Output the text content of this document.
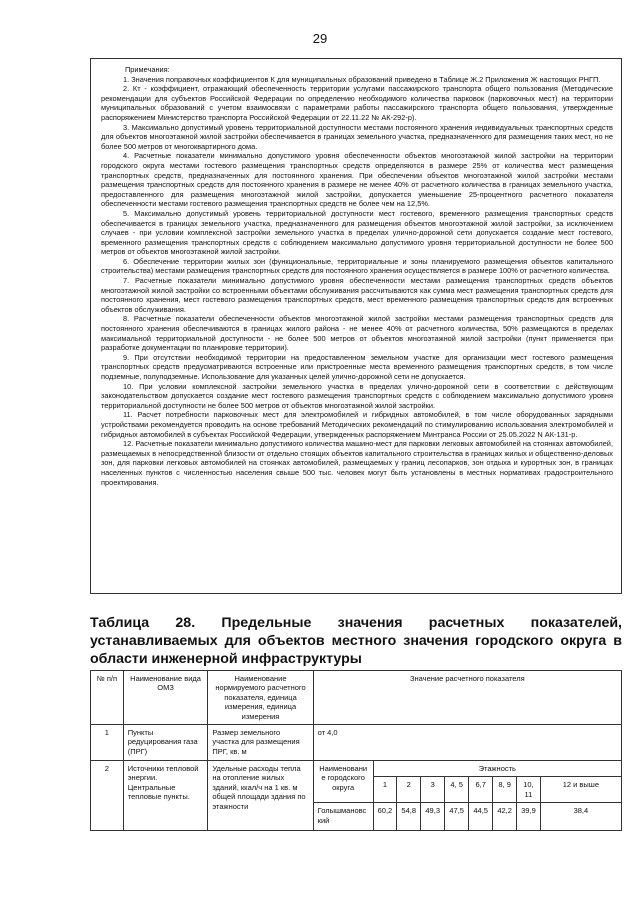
29
Примечания:

1. Значения поправочных коэффициентов К для муниципальных образований приведено в Таблице Ж.2 Приложения Ж настоящих РНГП.

2. Кт - коэффициент, отражающий обеспеченность территории услугами пассажирского транспорта общего пользования (Методические рекомендации для субъектов Российской Федерации по определению необходимого количества парковок (парковочных мест) на территории муниципальных образований с учетом взаимосвязи с параметрами работы пассажирского транспорта общего пользования, утвержденные распоряжением Министерство транспорта Российской Федерации от 22.11.22 № АК-292-р).

3. Максимально допустимый уровень территориальной доступности местами постоянного хранения индивидуальных транспортных средств для объектов многоэтажной жилой застройки обеспечивается в границах земельного участка, предназначенного для размещения таких мест, но не более 500 метров от многоквартирного дома.

4. Расчетные показатели минимально допустимого уровня обеспеченности объектов многоэтажной жилой застройки на территории городского округа местами гостевого размещения транспортных средств определяются в размере 25% от количества мест размещения транспортных средств, предназначенных для постоянного хранения. При обеспечении объектов многоэтажной жилой застройки местами размещения транспортных средств для постоянного хранения в размере не менее 40% от расчетного количества в границах земельного участка, предоставленного для размещения многоэтажной жилой застройки, допускается уменьшение 25-процентного расчетного показателя обеспеченности местами гостевого размещения транспортных средств не более чем на 12,5%.

5. Максимально допустимый уровень территориальной доступности мест гостевого, временного размещения транспортных средств обеспечивается в границах земельного участка, предназначенного для размещения объектов многоэтажной жилой застройки, за исключением случаев - при условии комплексной застройки земельного участка в пределах улично-дорожной сети допускается создание мест гостевого, временного размещения транспортных средств с соблюдением максимально допустимого уровня территориальной доступности не более 500 метров от объектов многоэтажной жилой застройки.

6. Обеспечение территории жилых зон (функциональные, территориальные и зоны планируемого размещения объектов капитального строительства) местами размещения транспортных средств для постоянного хранения осуществляется в размере 100% от расчетного количества.

7. Расчетные показатели минимально допустимого уровня обеспеченности местами размещения транспортных средств объектов многоэтажной жилой застройки со встроенными объектами обслуживания рассчитываются как сумма мест размещения транспортных средств для постоянного хранения, мест гостевого размещения транспортных средств, мест временного размещения транспортных средств для встроенных объектов обслуживания.

8. Расчетные показатели обеспеченности объектов многоэтажной жилой застройки местами размещения транспортных средств для постоянного хранения обеспечиваются в границах жилого района - не менее 40% от расчетного количества, 50% размещаются в пределах максимальной территориальной доступности - не более 500 метров от объектов многоэтажной жилой застройки (пункт применяется при разработке документации по планировке территории).

9. При отсутствии необходимой территории на предоставленном земельном участке для организации мест гостевого размещения транспортных средств предусматриваются встроенные или пристроенные места временного размещения транспортных средств, в том числе подземные, полуподземные. Использование для указанных целей улично-дорожной сети не допускается.

10. При условии комплексной застройки земельного участка в пределах улично-дорожной сети в соответствии с действующим законодательством допускается создание мест гостевого размещения транспортных средств с соблюдением максимально допустимого уровня территориальной доступности не более 500 метров от объектов многоэтажной жилой застройки.

11. Расчет потребности парковочных мест для электромобилей и гибридных автомобилей, в том числе оборудованных зарядными устройствами рекомендуется проводить на основе требований Методических рекомендаций по стимулированию использования электромобилей и гибридных автомобилей в субъектах Российской Федерации, утвержденных распоряжением Минтранса России от 25.05.2022 N АК-131-р.

12. Расчетные показатели минимально допустимого количества машино-мест для парковки легковых автомобилей на стоянках автомобилей, размещаемых в непосредственной близости от отдельно стоящих объектов капитального строительства в границах жилых и общественно-деловых зон, для парковки легковых автомобилей на стоянках автомобилей, размещаемых у границ лесопарков, зон отдыха и курортных зон, в границах населенных пунктов с численностью населения свыше 500 тыс. человек могут быть установлены в местных нормативах градостроительного проектирования.

Таблица 28. Предельные значения расчетных показателей, устанавливаемых для объектов местного значения городского округа в области инженерной инфраструктуры
№ п/п	Наименование вида ОМЗ	Наименование нормируемого расчетного показателя, единица измерения, единица измерения	Значение расчетного показателя								
1	Пункты редуцирования газа (ПРГ)	Размер земельного участка для размещения ПРГ, кв. м	от 4,0								
2	Источники тепловой энергии. Центральные тепловые пункты.	Удельные расходы тепла на отопление жилых зданий, ккал/ч на 1 кв. м общей площади здания по этажности	Наименовани е городского округа	Этажность							
				1	2	3	4, 5	6,7	8, 9	10, 11	12 и выше
			Голышмановс кий	60,2	54,8	49,3	47,5	44,5	42,2	39,9	38,4
